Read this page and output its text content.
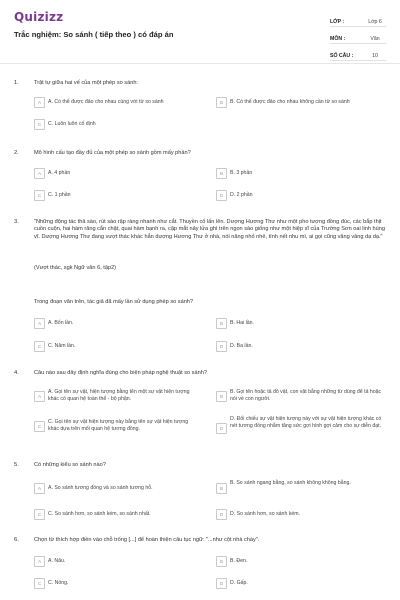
Quizizz
Trắc nghiệm: So sánh ( tiếp theo ) có đáp án
LỚP :	Lớp 6
MÔN :	Văn
SỐ CÂU :	10
1.	Trật tự giữa hai vế của một phép so sánh:
A	A. Có thể được đảo cho nhau cùng với từ so sánh	B	B. Có thể được đảo cho nhau không cần từ so sánh
C	C. Luôn luôn cố định
2.	Mô hình cấu tạo đầy đủ của một phép so sánh gồm mấy phần?
A	A. 4 phần	B	B. 3 phần
C	C. 1 phần	D	D. 2 phần
3.	"Những động tác thả sào, rút sào rập ràng nhanh như cắt. Thuyền cố lấn lên. Dượng Hương Thư như một pho tượng đồng đúc, các bắp thịt cuồn cuộn, hai hàm răng cắn chặt, quai hàm bạnh ra, cặp mắt nảy lửa ghì trên ngọn sào giống như một hiệp sĩ của Trường Sơn oai linh hùng vĩ. Dượng Hương Thư đang vượt thác khác hẳn dượng Hương Thư ở nhà, nói năng nhỏ nhẻ, tính nết nhu mì, ai gọi cũng vâng vâng dạ dạ."
(Vượt thác, sgk Ngữ văn 6, tập2)
Trong đoạn văn trên, tác giả đã mấy lần sử dụng phép so sánh?
A	A. Bốn lần.	B	B. Hai lần.
C	C. Năm lần.	D	D. Ba lần.
4.	Câu nào sau đây định nghĩa đúng cho biện pháp nghệ thuật so sánh?
A
A. Gọi tên sự vật, hiện tượng bằng tên một sự vật hiện tượng khác có quan hệ toàn thể - bộ phận.	B
B. Gọi tên hoặc tả đồ vật, con vật bằng những từ dùng để tả hoặc nói về con người.
C
C. Gọi tên sự vật hiện tượng này bằng tên sự vật hiện tượng khác dựa trên mối quan hệ tương đồng.	D
D. Đối chiếu sự vật hiện tượng này với sự vật hiện tượng khác có nét tương đồng nhằm tăng sức gợi hình gợi cảm cho sự diễn đạt.
5.	Có những kiểu so sánh nào?
A	A. So sánh tương đồng và so sánh tương hỗ.	B
B. So sánh ngang bằng, so sánh không không bằng.
C	C. So sánh hơn, so sánh kém, so sánh nhất.	D	D. So sánh hơn, so sánh kém.
6.	Chọn từ thích hợp điền vào chỗ trống [...] để hoàn thiện câu tục ngữ: "...như cột nhà cháy".
A	A. Nâu.	B	B. Đen.
C	C. Nóng.	D	D. Gấp.
